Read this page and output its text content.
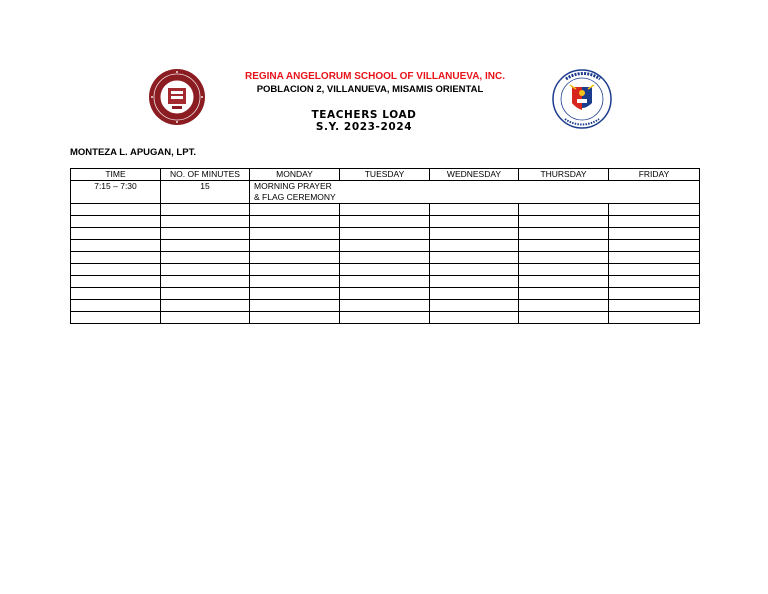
REGINA ANGELORUM SCHOOL OF VILLANUEVA, INC.
POBLACION 2, VILLANUEVA, MISAMIS ORIENTAL
TEACHERS LOAD
S.Y. 2023-2024
MONTEZA L. APUGAN, LPT.
TIME	NO. OF MINUTES	MONDAY	TUESDAY	WEDNESDAY	THURSDAY	FRIDAY
7:15 – 7:30	15	MORNING PRAYER
& FLAG CEREMONY				
